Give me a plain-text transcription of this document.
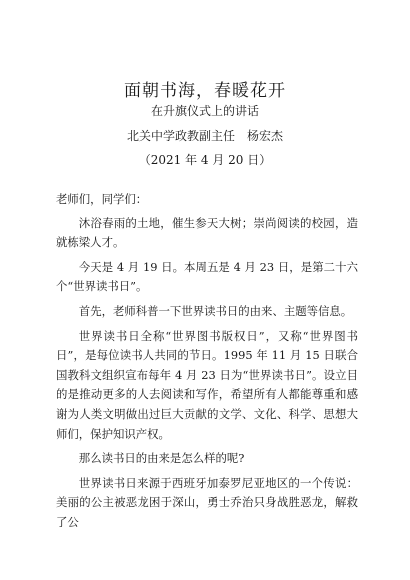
面朝书海，春暖花开
在升旗仪式上的讲话
北关中学政教副主任　杨宏杰
（2021 年 4 月 20 日）

老师们，同学们：

沐浴春雨的土地，催生参天大树；崇尚阅读的校园，造就栋梁人才。

今天是 4 月 19 日。本周五是 4 月 23 日，是第二十六个“世界读书日”。

首先，老师科普一下世界读书日的由来、主题等信息。

世界读书日全称“世界图书版权日”，又称“世界图书日”，是每位读书人共同的节日。1995 年 11 月 15 日联合国教科文组织宣布每年 4 月 23 日为“世界读书日”。设立目的是推动更多的人去阅读和写作，希望所有人都能尊重和感谢为人类文明做出过巨大贡献的文学、文化、科学、思想大师们，保护知识产权。

那么读书日的由来是怎么样的呢?

世界读书日来源于西班牙加泰罗尼亚地区的一个传说：美丽的公主被恶龙困于深山，勇士乔治只身战胜恶龙，解救了公
